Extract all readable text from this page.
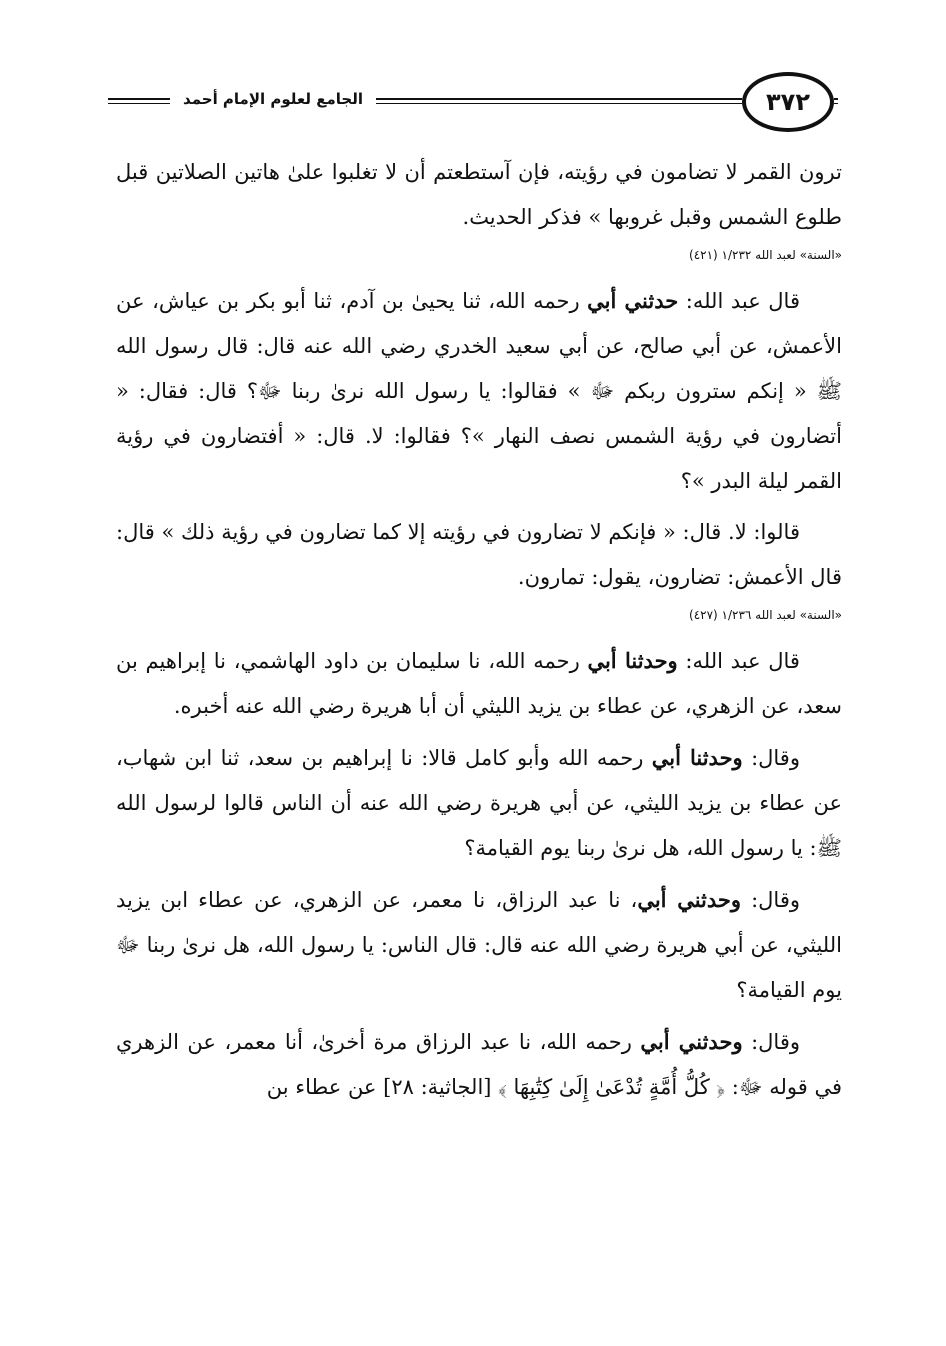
الجامع لعلوم الإمام أحمد	٣٧٢

ترون القمر لا تضامون في رؤيته، فإن آستطعتم أن لا تغلبوا علىٰ هاتين الصلاتين قبل طلوع الشمس وقبل غروبها » فذكر الحديث.

«السنة» لعبد الله ١/٢٣٢ (٤٢١)

قال عبد الله: حدثني أبي رحمه الله، ثنا يحيىٰ بن آدم، ثنا أبو بكر بن عياش، عن الأعمش، عن أبي صالح، عن أبي سعيد الخدري رضي الله عنه قال: قال رسول الله ﷺ « إنكم سترون ربكم ﷻ » فقالوا: يا رسول الله نرىٰ ربنا ﷻ؟ قال: فقال: « أتضارون في رؤية الشمس نصف النهار »؟ فقالوا: لا. قال: « أفتضارون في رؤية القمر ليلة البدر »؟

قالوا: لا. قال: « فإنكم لا تضارون في رؤيته إلا كما تضارون في رؤية ذلك » قال: قال الأعمش: تضارون، يقول: تمارون.

«السنة» لعبد الله ١/٢٣٦ (٤٢٧)

قال عبد الله: وحدثنا أبي رحمه الله، نا سليمان بن داود الهاشمي، نا إبراهيم بن سعد، عن الزهري، عن عطاء بن يزيد الليثي أن أبا هريرة رضي الله عنه أخبره.

وقال: وحدثنا أبي رحمه الله وأبو كامل قالا: نا إبراهيم بن سعد، ثنا ابن شهاب، عن عطاء بن يزيد الليثي، عن أبي هريرة رضي الله عنه أن الناس قالوا لرسول الله ﷺ: يا رسول الله، هل نرىٰ ربنا يوم القيامة؟

وقال: وحدثني أبي، نا عبد الرزاق، نا معمر، عن الزهري، عن عطاء ابن يزيد الليثي، عن أبي هريرة رضي الله عنه قال: قال الناس: يا رسول الله، هل نرىٰ ربنا ﷻ يوم القيامة؟

وقال: وحدثني أبي رحمه الله، نا عبد الرزاق مرة أخرىٰ، أنا معمر، عن الزهري في قوله ﷻ: ﴿ كُلُّ أُمَّةٍ تُدْعَىٰ إِلَىٰ كِتَٰبِهَا ﴾ [الجاثية: ٢٨] عن عطاء بن
